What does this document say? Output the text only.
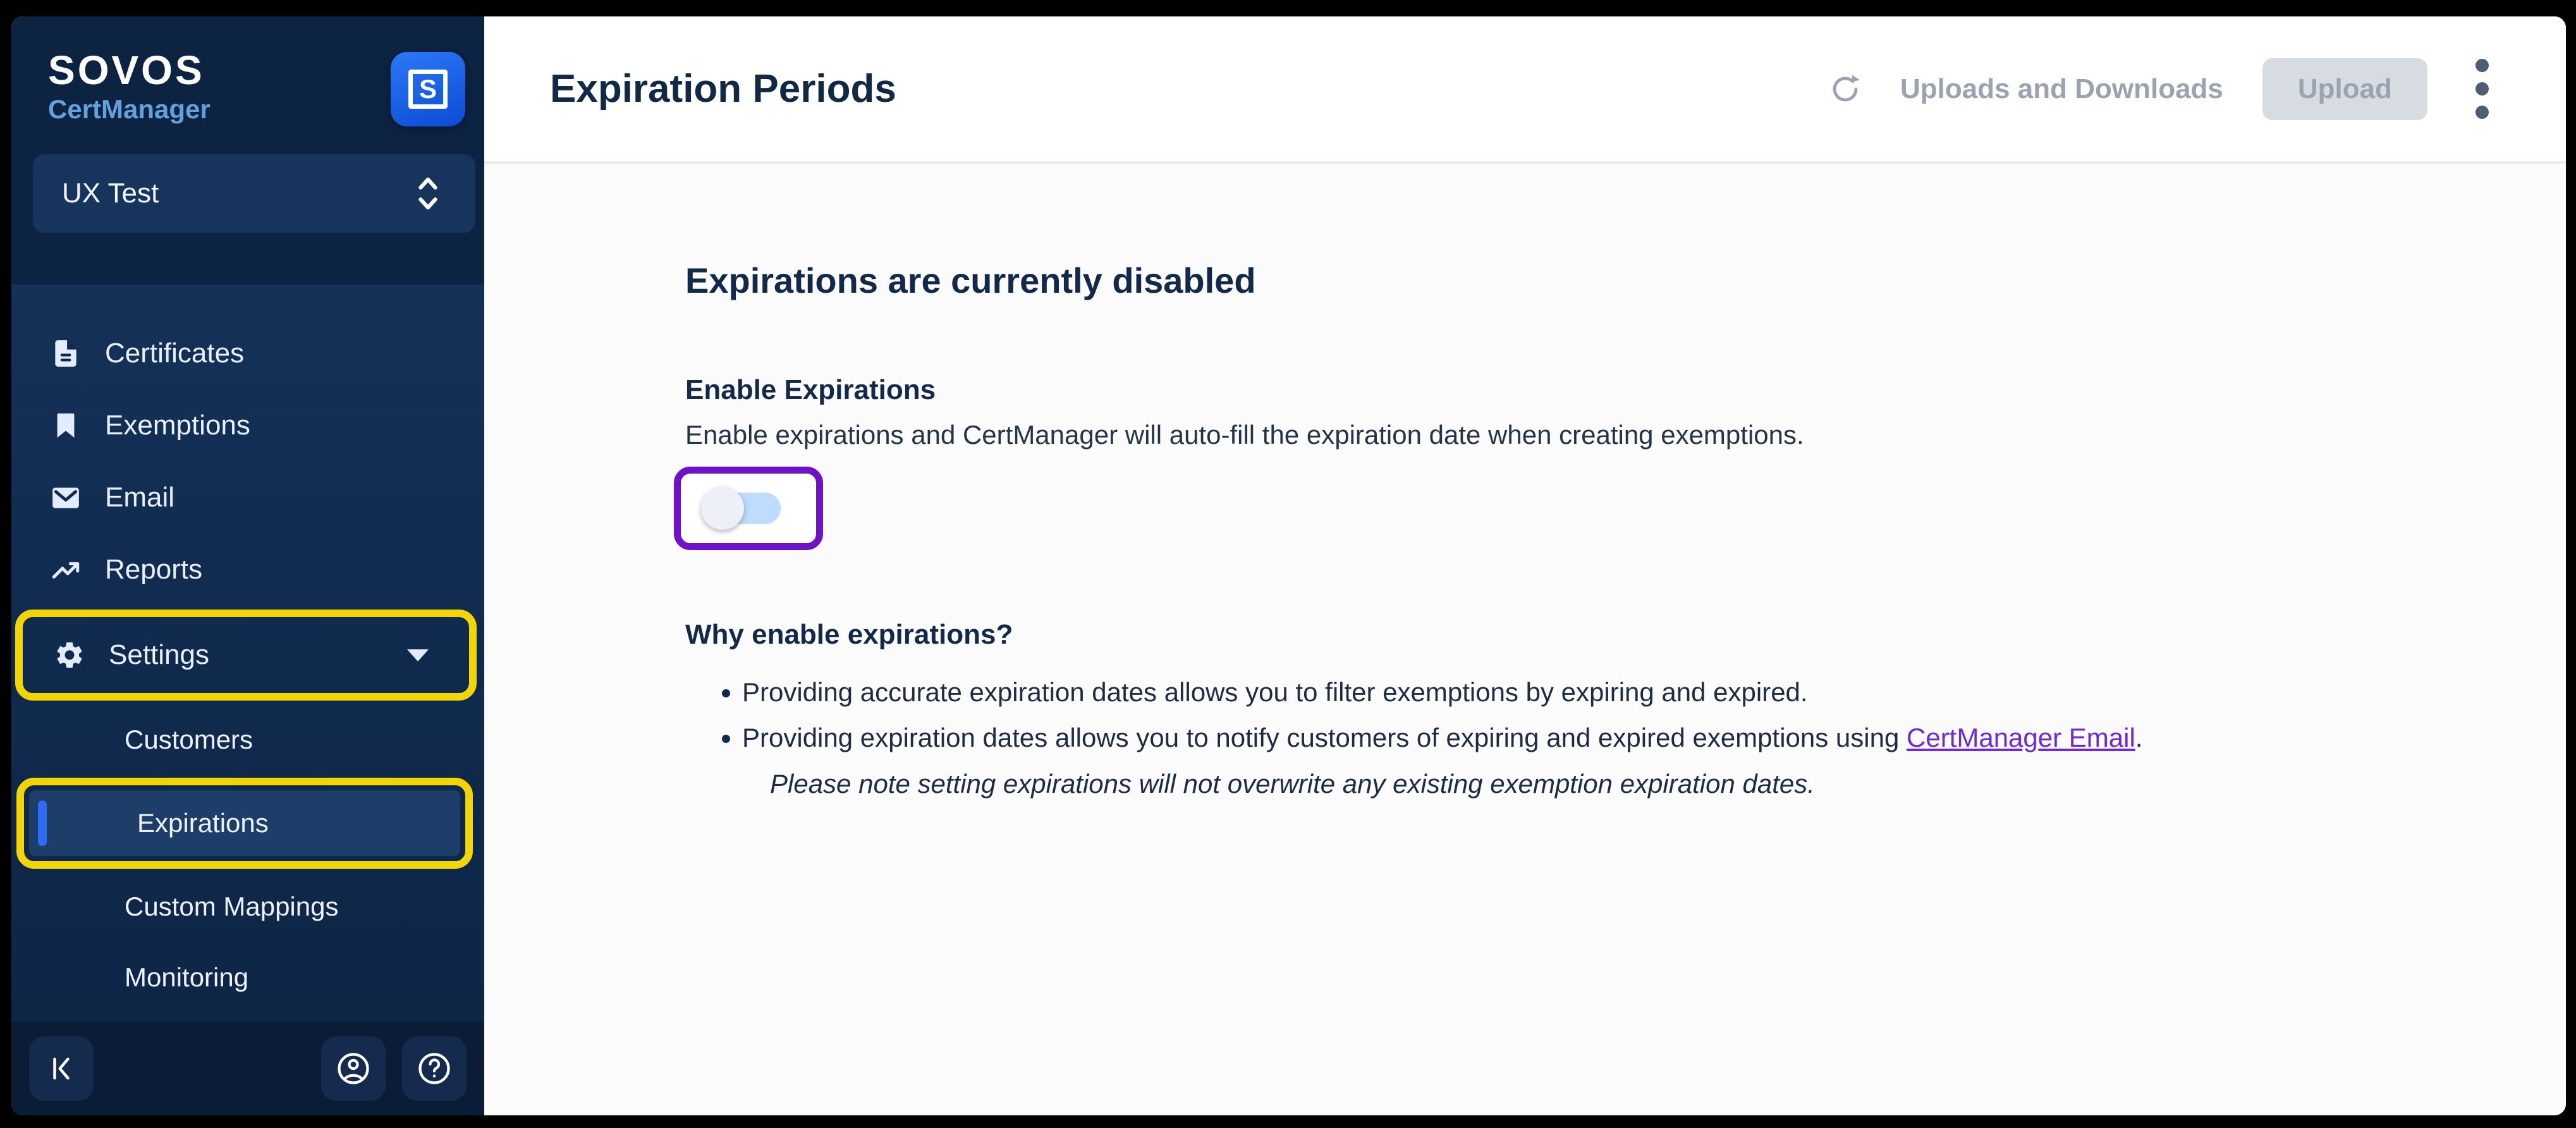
SOVOS
CertManager
S
UX Test
Certificates
Exemptions
Email
Reports
Settings
Customers
Expirations
Custom Mappings
Monitoring
Expiration Periods	Uploads and Downloads	Upload
Expirations are currently disabled
Enable Expirations

Enable expirations and CertManager will auto-fill the expiration date when creating exemptions.

Why enable expirations?
• Providing accurate expiration dates allows you to filter exemptions by expiring and expired.
• Providing expiration dates allows you to notify customers of expiring and expired exemptions using CertManager Email.
Please note setting expirations will not overwrite any existing exemption expiration dates.
